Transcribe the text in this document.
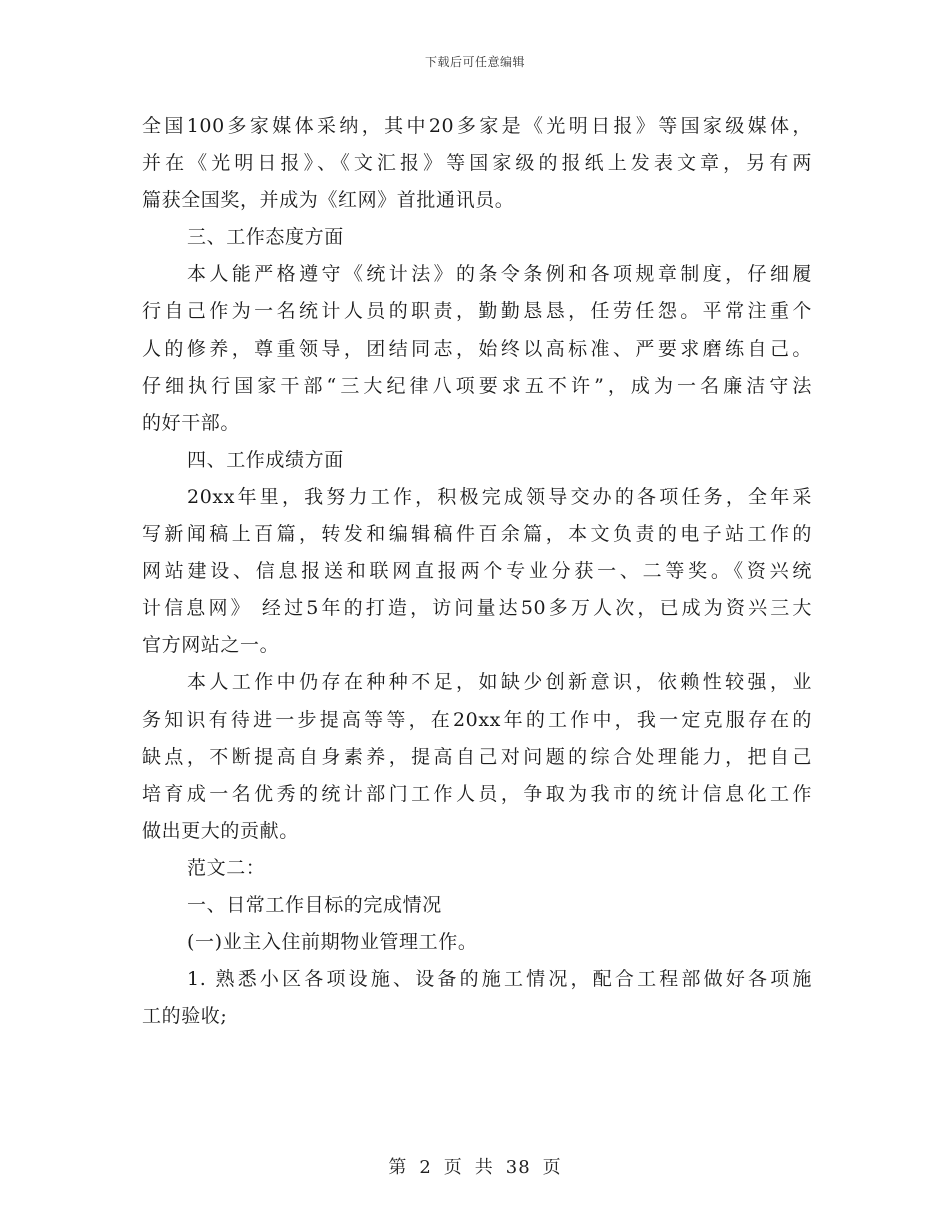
下载后可任意编辑
全国100多家媒体采纳，其中20多家是《光明日报》等国家级媒体，
并在《光明日报》、《文汇报》等国家级的报纸上发表文章，另有两
篇获全国奖，并成为《红网》首批通讯员。
三、工作态度方面
本人能严格遵守《统计法》的条令条例和各项规章制度，仔细履
行自己作为一名统计人员的职责，勤勤恳恳，任劳任怨。平常注重个
人的修养，尊重领导，团结同志，始终以高标准、严要求磨练自己。
仔细执行国家干部“三大纪律八项要求五不许”，成为一名廉洁守法
的好干部。
四、工作成绩方面
20xx年里，我努力工作，积极完成领导交办的各项任务，全年采
写新闻稿上百篇，转发和编辑稿件百余篇，本文负责的电子站工作的
网站建设、信息报送和联网直报两个专业分获一、二等奖。《资兴统
计信息网》 经过5年的打造，访问量达50多万人次，已成为资兴三大
官方网站之一。
本人工作中仍存在种种不足，如缺少创新意识，依赖性较强，业
务知识有待进一步提高等等，在20xx年的工作中，我一定克服存在的
缺点，不断提高自身素养，提高自己对问题的综合处理能力，把自己
培育成一名优秀的统计部门工作人员，争取为我市的统计信息化工作
做出更大的贡献。
范文二：
一、日常工作目标的完成情况
(一)业主入住前期物业管理工作。
1. 熟悉小区各项设施、设备的施工情况，配合工程部做好各项施
工的验收;
第 2 页 共 38 页
